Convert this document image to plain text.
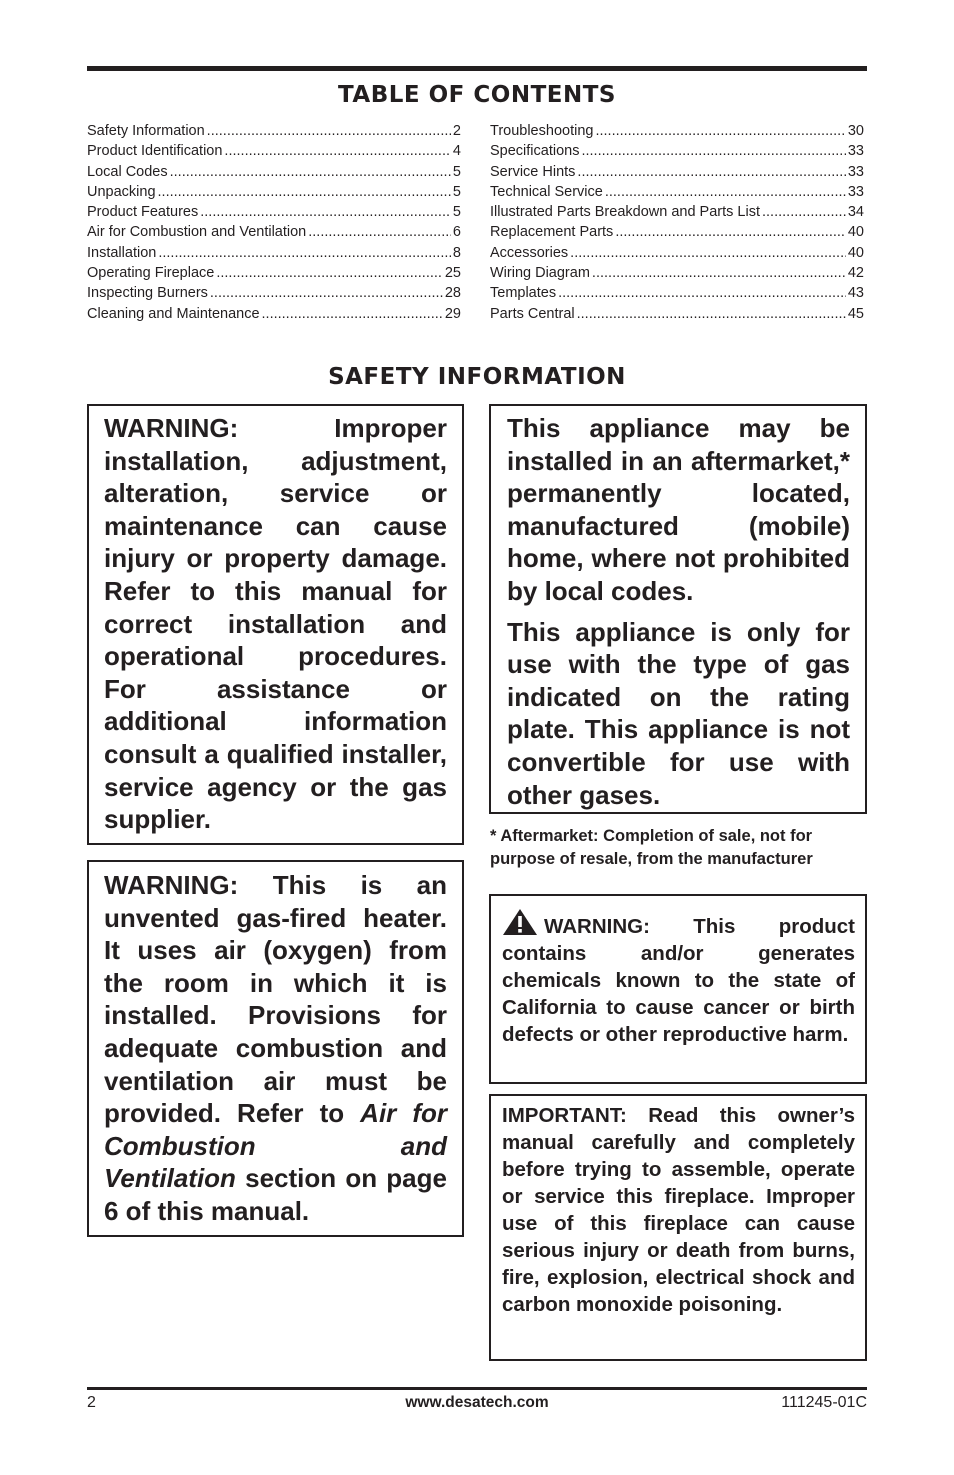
TABLE OF CONTENTS
Safety Information .....	2
Product Identification .....	4
Local Codes .....	5
Unpacking .....	5
Product Features .....	5
Air for Combustion and Ventilation .....	6
Installation .....	8
Operating Fireplace .....	25
Inspecting Burners .....	28
Cleaning and Maintenance .....	29
Troubleshooting .....	30
Specifications .....	33
Service Hints .....	33
Technical Service .....	33
Illustrated Parts Breakdown and Parts List .....	34
Replacement Parts .....	40
Accessories .....	40
Wiring Diagram .....	42
Templates .....	43
Parts Central .....	45
SAFETY INFORMATION

WARNING: Improper installation, adjustment, alteration, service or maintenance can cause injury or property damage. Refer to this manual for correct installation and operational procedures. For assistance or additional information consult a qualified installer, service agency or the gas supplier.

WARNING: This is an unvented gas-fired heater. It uses air (oxygen) from the room in which it is installed. Provisions for adequate combustion and ventilation air must be provided. Refer to Air for Combustion and Ventilation section on page 6 of this manual.

This appliance may be installed in an aftermarket,* permanently located, manufactured (mobile) home, where not prohibited by local codes.

This appliance is only for use with the type of gas indicated on the rating plate. This appliance is not convertible for use with other gases.

* Aftermarket: Completion of sale, not for purpose of resale, from the manufacturer

WARNING: This product contains and/or generates chemicals known to the state of California to cause cancer or birth defects or other reproductive harm.

IMPORTANT: Read this owner’s manual carefully and completely before trying to assemble, operate or service this fireplace. Improper use of this fireplace can cause serious injury or death from burns, fire, explosion, electrical shock and carbon monoxide poisoning.

2	www.desatech.com	111245-01C
